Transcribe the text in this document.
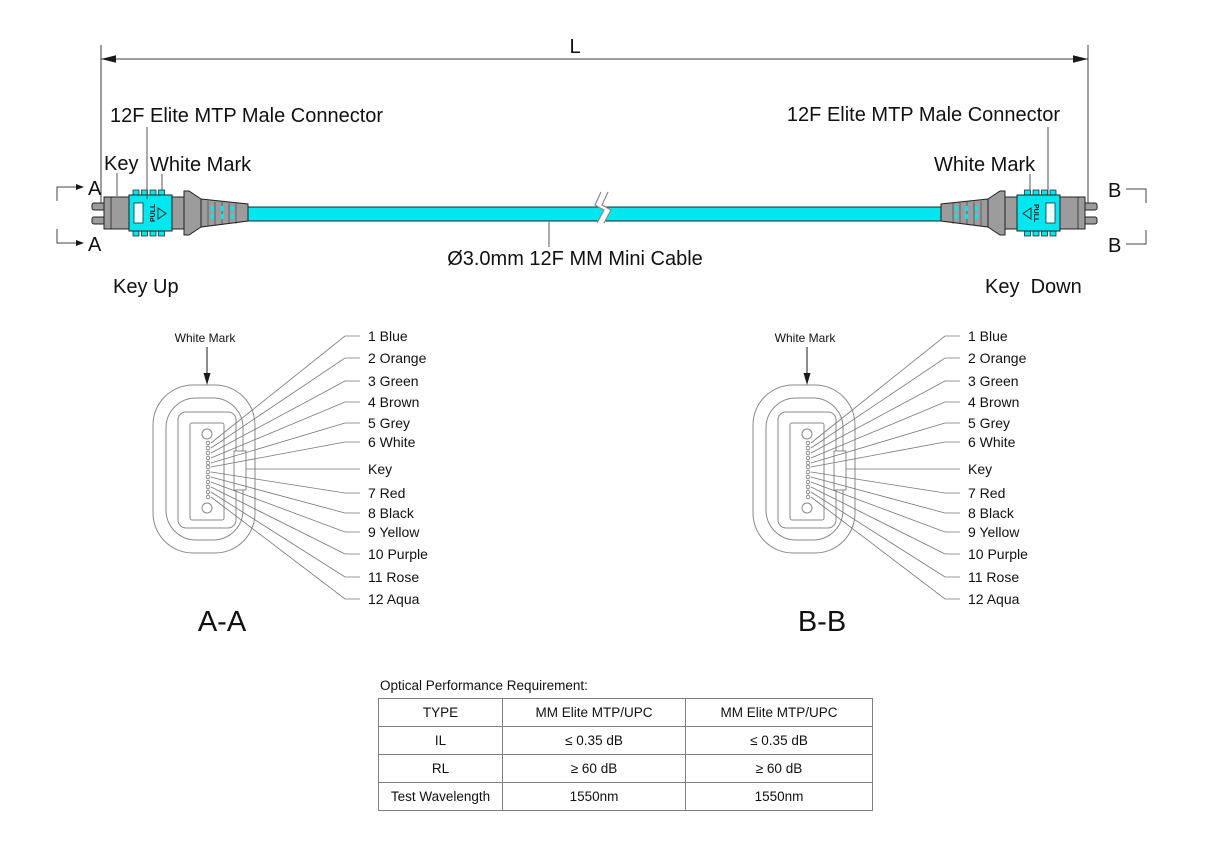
L
PULL	PULL
12F Elite MTP Male Connector	12F Elite MTP Male Connector
Key White Mark	White Mark
Ø3.0mm 12F MM Mini Cable
Key Up	Key  Down
A
A
B
B
1 Blue
2 Orange
3 Green
4 Brown
5 Grey
6 White
Key
7 Red
8 Black
9 Yellow
10 Purple
11 Rose
12 Aqua
White Mark
A-A
1 Blue
2 Orange
3 Green
4 Brown
5 Grey
6 White
Key
7 Red
8 Black
9 Yellow
10 Purple
11 Rose
12 Aqua
White Mark
B-B
Optical Performance Requirement:
TYPE	MM Elite MTP/UPC	MM Elite MTP/UPC
IL	≤ 0.35 dB	≤ 0.35 dB
RL	≥ 60 dB	≥ 60 dB
Test Wavelength	1550nm	1550nm
